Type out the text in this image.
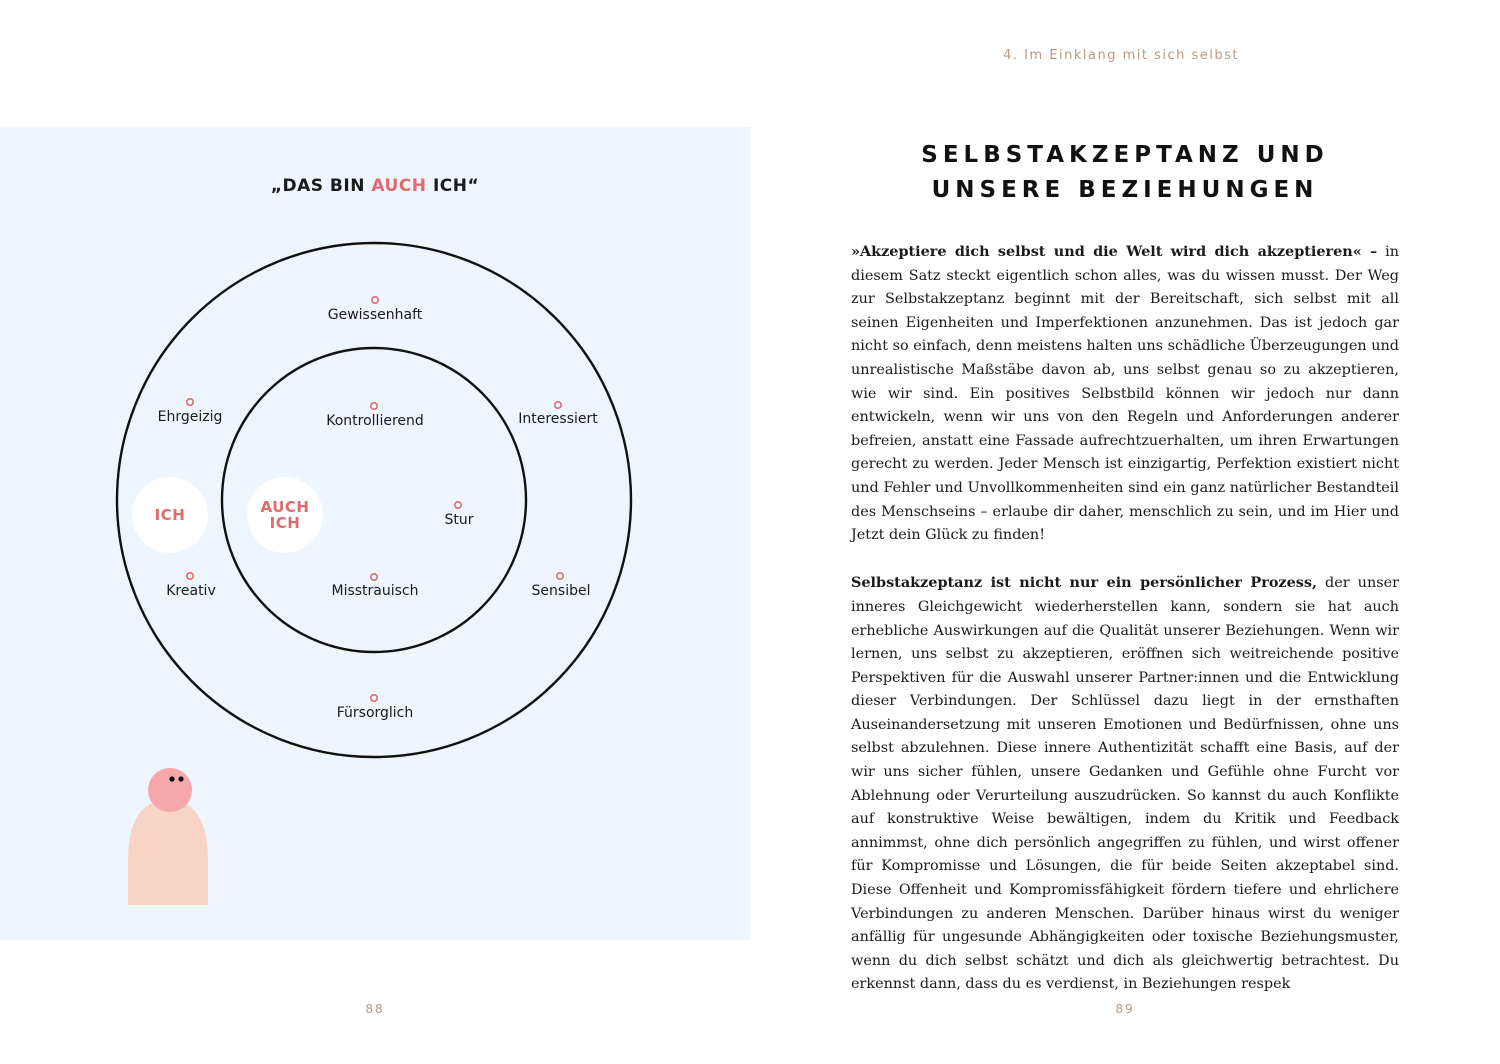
„DAS BIN AUCH ICH“
ICH	AUCH
ICH
Gewissenhaft
Ehrgeizig	Interessiert
Kreativ	Sensibel
Fürsorglich
Kontrollierend
Stur
Misstrauisch
88
4. Im Einklang mit sich selbst
SELBSTAKZEPTANZ UND
UNSERE BEZIEHUNGEN

»Akzeptiere dich selbst und die Welt wird dich akzeptieren« – in diesem Satz steckt eigentlich schon alles, was du wissen musst. Der Weg zur Selbstakzeptanz beginnt mit der Bereitschaft, sich selbst mit all seinen Eigenheiten und Imperfektionen anzunehmen. Das ist jedoch gar nicht so einfach, denn meistens halten uns schädliche Überzeugungen und unrealistische Maßstäbe davon ab, uns selbst genau so zu akzeptieren, wie wir sind. Ein positives Selbstbild können wir jedoch nur dann entwickeln, wenn wir uns von den Regeln und Anforderungen anderer befreien, anstatt eine Fassade aufrechtzuerhalten, um ihren Erwartungen gerecht zu werden. Jeder Mensch ist einzigartig, Perfektion existiert nicht und Fehler und Unvollkommenheiten sind ein ganz natürlicher Bestandteil des Menschseins – erlaube dir daher, menschlich zu sein, und im Hier und Jetzt dein Glück zu finden!

Selbstakzeptanz ist nicht nur ein persönlicher Prozess, der unser inneres Gleichgewicht wiederherstellen kann, sondern sie hat auch erhebliche Auswirkungen auf die Qualität unserer Beziehungen. Wenn wir lernen, uns selbst zu akzeptieren, eröffnen sich weitreichende positive Perspektiven für die Auswahl unserer Partner:innen und die Entwicklung dieser Verbindungen. Der Schlüssel dazu liegt in der ernsthaften Auseinandersetzung mit unseren Emotionen und Bedürfnissen, ohne uns selbst abzulehnen. Diese innere Authentizität schafft eine Basis, auf der wir uns sicher fühlen, unsere Gedanken und Gefühle ohne Furcht vor Ablehnung oder Verurteilung auszudrücken. So kannst du auch Konflikte auf konstruktive Weise bewältigen, indem du Kritik und Feedback annimmst, ohne dich persönlich angegriffen zu fühlen, und wirst offener für Kompromisse und Lösungen, die für beide Seiten akzeptabel sind. Diese Offenheit und Kompromissfähigkeit fördern tiefere und ehrlichere Verbindungen zu anderen Menschen. Darüber hinaus wirst du weniger anfällig für ungesunde Abhängigkeiten oder toxische Beziehungsmuster, wenn du dich selbst schätzt und dich als gleichwertig betrachtest. Du erkennst dann, dass du es verdienst, in Beziehungen respek

89
